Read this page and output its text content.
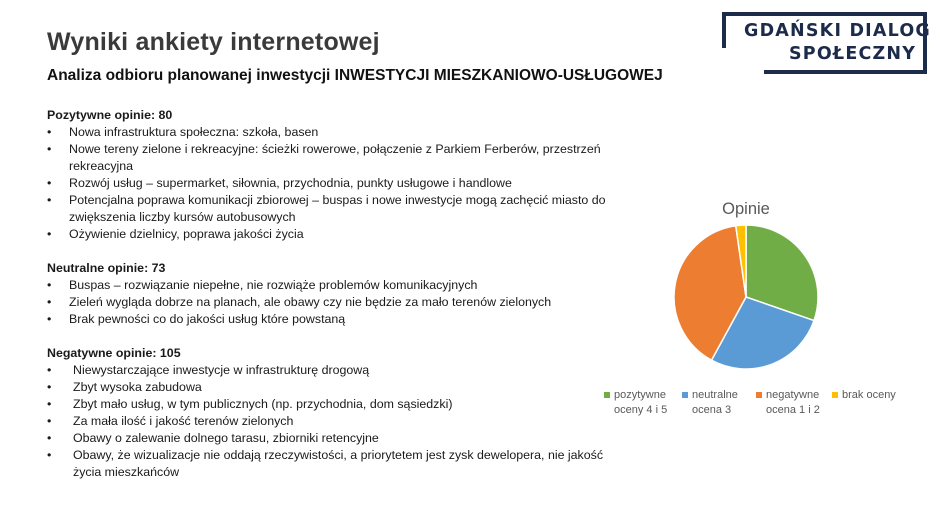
Wyniki ankiety internetowej
Analiza odbioru planowanej inwestycji INWESTYCJI MIESZKANIOWO-USŁUGOWEJ
GDAŃSKI DIALOG
SPOŁECZNY

Pozytywne opinie: 80

• Nowa infrastruktura społeczna: szkoła, basen
• Nowe tereny zielone i rekreacyjne: ścieżki rowerowe, połączenie z Parkiem Ferberów, przestrzeń rekreacyjna
• Rozwój usług – supermarket, siłownia, przychodnia, punkty usługowe i handlowe
• Potencjalna poprawa komunikacji zbiorowej – buspas i nowe inwestycje mogą zachęcić miasto do zwiększenia liczby kursów autobusowych
• Ożywienie dzielnicy, poprawa jakości życia

Neutralne opinie: 73

• Buspas – rozwiązanie niepełne, nie rozwiąże problemów komunikacyjnych
• Zieleń wygląda dobrze na planach, ale obawy czy nie będzie za mało terenów zielonych
• Brak pewności co do jakości usług które powstaną

Negatywne opinie: 105

• Niewystarczające inwestycje w infrastrukturę drogową
• Zbyt wysoka zabudowa
• Zbyt mało usług, w tym publicznych (np. przychodnia, dom sąsiedzki)
• Za mała ilość i jakość terenów zielonych
• Obawy o zalewanie dolnego tarasu, zbiorniki retencyjne
• Obawy, że wizualizacje nie oddają rzeczywistości, a priorytetem jest zysk dewelopera, nie jakość życia mieszkańców
Opinie
pozytywne
oceny 4 i 5
neutralne
ocena 3
negatywne
ocena 1 i 2
brak oceny
